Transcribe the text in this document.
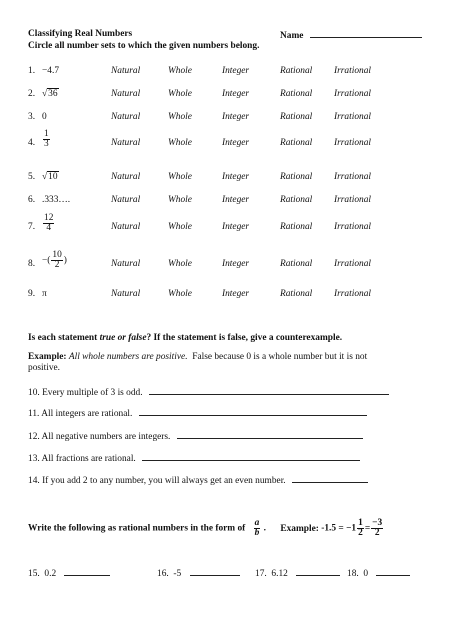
Classifying Real Numbers	Name
Circle all number sets to which the given numbers belong.
1. −4.7	Natural	Whole	Integer	Rational Irrational
2. √36	Natural	Whole	Integer	Rational Irrational
3. 0	Natural	Whole	Integer	Rational Irrational
4. $\frac{1}{3}$	Natural	Whole	Integer	Rational Irrational
5. √10	Natural	Whole	Integer	Rational Irrational
6. .333….	Natural	Whole	Integer	Rational Irrational
7. $\frac{12}{4}$	Natural	Whole	Integer	Rational Irrational
8. −( $\frac{10}{2}$ )	Natural	Whole	Integer	Rational Irrational
9. π	Natural	Whole	Integer	Rational Irrational
Is each statement true or false? If the statement is false, give a counterexample.
Example: All whole numbers are positive. False because 0 is a whole number but it is not
positive.
10. Every multiple of 3 is odd.
11. All integers are rational.
12. All negative numbers are integers.
13. All fractions are rational.
14. If you add 2 to any number, you will always get an even number.
Write the following as rational numbers in the form of $\frac{a}{b}$ . Example: $-1.5 = -1 \frac{1}{2} = \frac{-3}{2}$
15. 0.2	16. -5	17. 6.12	18. 0
